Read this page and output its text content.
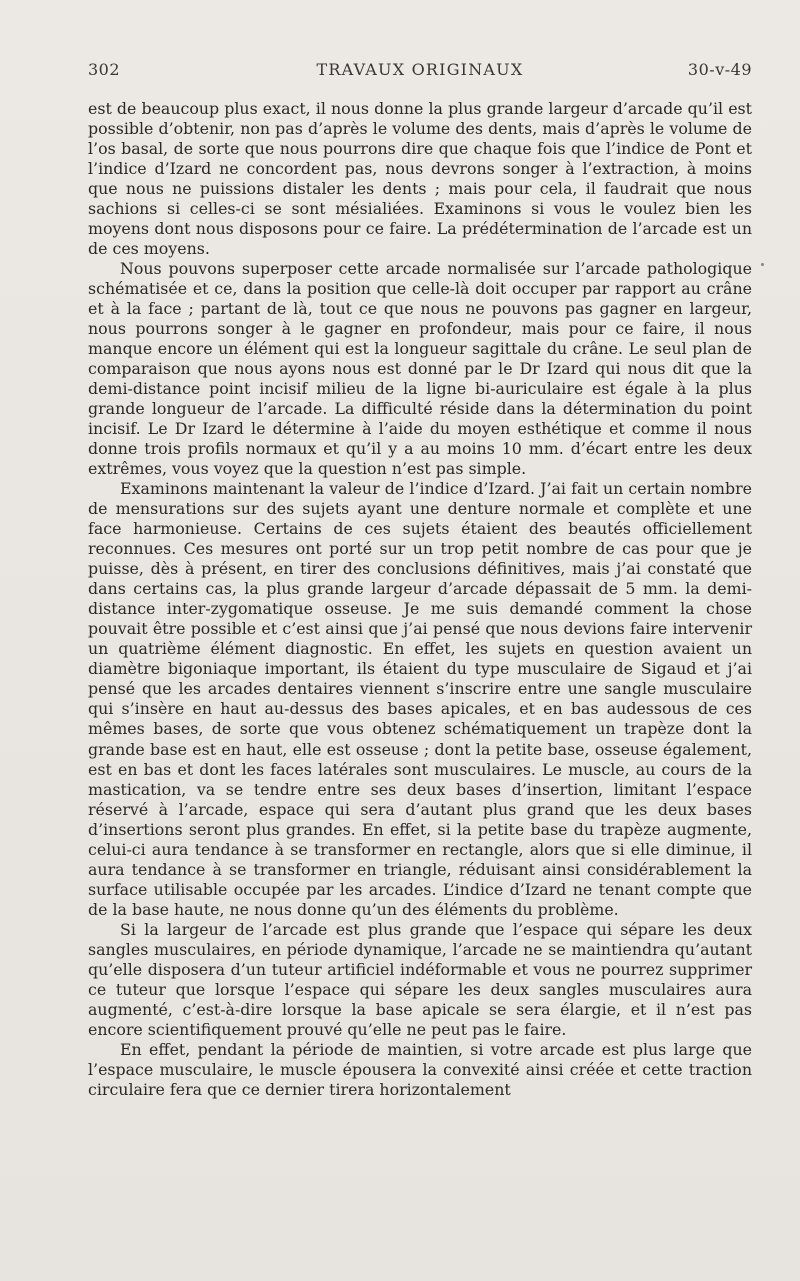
302	TRAVAUX ORIGINAUX	30-v-49

est de beaucoup plus exact, il nous donne la plus grande largeur d’arcade qu’il est possible d’obtenir, non pas d’après le volume des dents, mais d’après le volume de l’os basal, de sorte que nous pourrons dire que chaque fois que l’indice de Pont et l’indice d’Izard ne concordent pas, nous devrons songer à l’extraction, à moins que nous ne puissions distaler les dents ; mais pour cela, il faudrait que nous sachions si celles-ci se sont mésialiées. Examinons si vous le voulez bien les moyens dont nous disposons pour ce faire. La prédétermination de l’arcade est un de ces moyens.

Nous pouvons superposer cette arcade normalisée sur l’arcade pathologique schématisée et ce, dans la position que celle-là doit occuper par rapport au crâne et à la face ; partant de là, tout ce que nous ne pouvons pas gagner en largeur, nous pourrons songer à le gagner en profondeur, mais pour ce faire, il nous manque encore un élément qui est la longueur sagittale du crâne. Le seul plan de comparaison que nous ayons nous est donné par le Dr Izard qui nous dit que la demi-distance point incisif milieu de la ligne bi-auriculaire est égale à la plus grande longueur de l’arcade. La difficulté réside dans la détermination du point incisif. Le Dr Izard le détermine à l’aide du moyen esthétique et comme il nous donne trois profils normaux et qu’il y a au moins 10 mm. d’écart entre les deux extrêmes, vous voyez que la question n’est pas simple.

Examinons maintenant la valeur de l’indice d’Izard. J’ai fait un certain nombre de mensurations sur des sujets ayant une denture normale et complète et une face harmonieuse. Certains de ces sujets étaient des beautés officiellement reconnues. Ces mesures ont porté sur un trop petit nombre de cas pour que je puisse, dès à présent, en tirer des conclusions définitives, mais j’ai constaté que dans certains cas, la plus grande largeur d’arcade dépassait de 5 mm. la demi-distance inter-zygomatique osseuse. Je me suis demandé comment la chose pouvait être possible et c’est ainsi que j’ai pensé que nous devions faire intervenir un quatrième élément diagnostic. En effet, les sujets en question avaient un diamètre bigoniaque important, ils étaient du type musculaire de Sigaud et j’ai pensé que les arcades dentaires viennent s’inscrire entre une sangle musculaire qui s’insère en haut au-dessus des bases apicales, et en bas audessous de ces mêmes bases, de sorte que vous obtenez schématiquement un trapèze dont la grande base est en haut, elle est osseuse ; dont la petite base, osseuse également, est en bas et dont les faces latérales sont musculaires. Le muscle, au cours de la mastication, va se tendre entre ses deux bases d’insertion, limitant l’espace réservé à l’arcade, espace qui sera d’autant plus grand que les deux bases d’insertions seront plus grandes. En effet, si la petite base du trapèze augmente, celui-ci aura tendance à se transformer en rectangle, alors que si elle diminue, il aura tendance à se transformer en triangle, réduisant ainsi considérablement la surface utilisable occupée par les arcades. L’indice d’Izard ne tenant compte que de la base haute, ne nous donne qu’un des éléments du problème.

Si la largeur de l’arcade est plus grande que l’espace qui sépare les deux sangles musculaires, en période dynamique, l’arcade ne se maintiendra qu’autant qu’elle disposera d’un tuteur artificiel indéformable et vous ne pourrez supprimer ce tuteur que lorsque l’espace qui sépare les deux sangles musculaires aura augmenté, c’est-à-dire lorsque la base apicale se sera élargie, et il n’est pas encore scientifiquement prouvé qu’elle ne peut pas le faire.

En effet, pendant la période de maintien, si votre arcade est plus large que l’espace musculaire, le muscle épousera la convexité ainsi créée et cette traction circulaire fera que ce dernier tirera horizontalement
